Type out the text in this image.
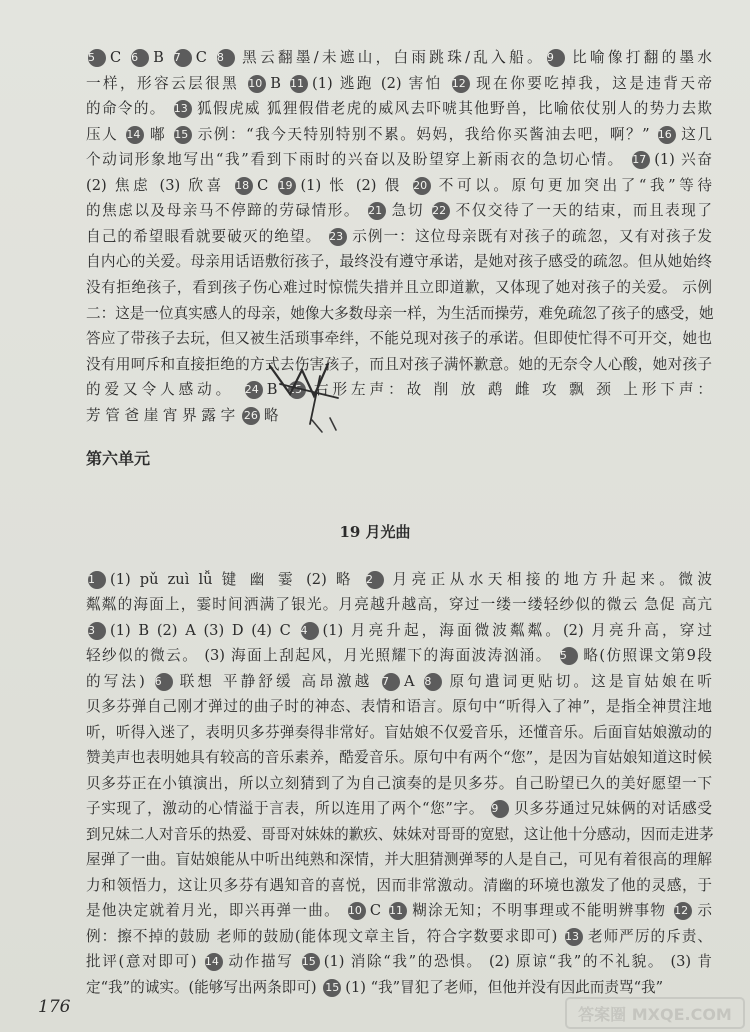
5 C 6 B 7 C 8 黑云翻墨/未遮山，白雨跳珠/乱入船。 9 比喻像打翻的墨水
一样，形容云层很黑 10 B 11 (1) 逃跑 (2) 害怕 12 现在你要吃掉我，这是违背天帝
的命令的。 13 狐假虎威 狐狸假借老虎的威风去吓唬其他野兽，比喻依仗别人的势力去欺
压人 14 嘟 15 示例：“我今天特别特别不累。妈妈，我给你买酱油去吧，啊？” 16 这几
个动词形象地写出“我”看到下雨时的兴奋以及盼望穿上新雨衣的急切心情。 17 (1) 兴奋
(2) 焦虑 (3) 欣喜 18 C 19 (1) 怅 (2) 偎 20 不可以。原句更加突出了“我”等待
的焦虑以及母亲马不停蹄的劳碌情形。 21 急切 22 不仅交待了一天的结束，而且表现了
自己的希望眼看就要破灭的绝望。 23 示例一：这位母亲既有对孩子的疏忽，又有对孩子发
自内心的关爱。母亲用话语敷衍孩子，最终没有遵守承诺，是她对孩子感受的疏忽。但从她始终
没有拒绝孩子，看到孩子伤心难过时惊慌失措并且立即道歉，又体现了她对孩子的关爱。 示例
二：这是一位真实感人的母亲，她像大多数母亲一样，为生活而操劳，难免疏忽了孩子的感受，她
答应了带孩子去玩，但又被生活琐事牵绊，不能兑现对孩子的承诺。但即使忙得不可开交，她也
没有用呵斥和直接拒绝的方式去伤害孩子，而且对孩子满怀歉意。她的无奈令人心酸，她对孩子
的爱又令人感动。 24 B 25 右形左声：故 削 放 鹉 雌 攻 飘 颈 上形下声：
芳 管 爸 崖 宵 界 露 字 26 略
第六单元
19 月光曲
1 (1) pǔ zuì lǚ 键 幽 霎 (2) 略 2 月亮正从水天相接的地方升起来。微波
粼粼的海面上，霎时间洒满了银光。月亮越升越高，穿过一缕一缕轻纱似的微云 急促 高亢
3 (1) B (2) A (3) D (4) C 4 (1) 月亮升起，海面微波粼粼。(2) 月亮升高，穿过
轻纱似的微云。 (3) 海面上刮起风，月光照耀下的海面波涛汹涌。 5 略(仿照课文第9段
的写法) 6 联想 平静舒缓 高昂激越 7 A 8 原句遣词更贴切。这是盲姑娘在听
贝多芬弹自己刚才弹过的曲子时的神态、表情和语言。原句中“听得入了神”，是指全神贯注地
听，听得入迷了，表明贝多芬弹奏得非常好。盲姑娘不仅爱音乐，还懂音乐。后面盲姑娘激动的
赞美声也表明她具有较高的音乐素养，酷爱音乐。原句中有两个“您”，是因为盲姑娘知道这时候
贝多芬正在小镇演出，所以立刻猜到了为自己演奏的是贝多芬。自己盼望已久的美好愿望一下
子实现了，激动的心情溢于言表，所以连用了两个“您”字。 9 贝多芬通过兄妹俩的对话感受
到兄妹二人对音乐的热爱、哥哥对妹妹的歉疚、妹妹对哥哥的宽慰，这让他十分感动，因而走进茅
屋弹了一曲。盲姑娘能从中听出纯熟和深情，并大胆猜测弹琴的人是自己，可见有着很高的理解
力和领悟力，这让贝多芬有遇知音的喜悦，因而非常激动。清幽的环境也激发了他的灵感，于
是他决定就着月光，即兴再弹一曲。 10 C 11 糊涂无知；不明事理或不能明辨事物 12 示
例：擦不掉的鼓励 老师的鼓励(能体现文章主旨，符合字数要求即可) 13 老师严厉的斥责、
批评(意对即可) 14 动作描写 15 (1) 消除“我”的恐惧。 (2) 原谅“我”的不礼貌。 (3) 肯
定“我”的诚实。(能够写出两条即可) 15 (1) “我”冒犯了老师，但他并没有因此而责骂“我”
176	答案圈 MXQE.COM
